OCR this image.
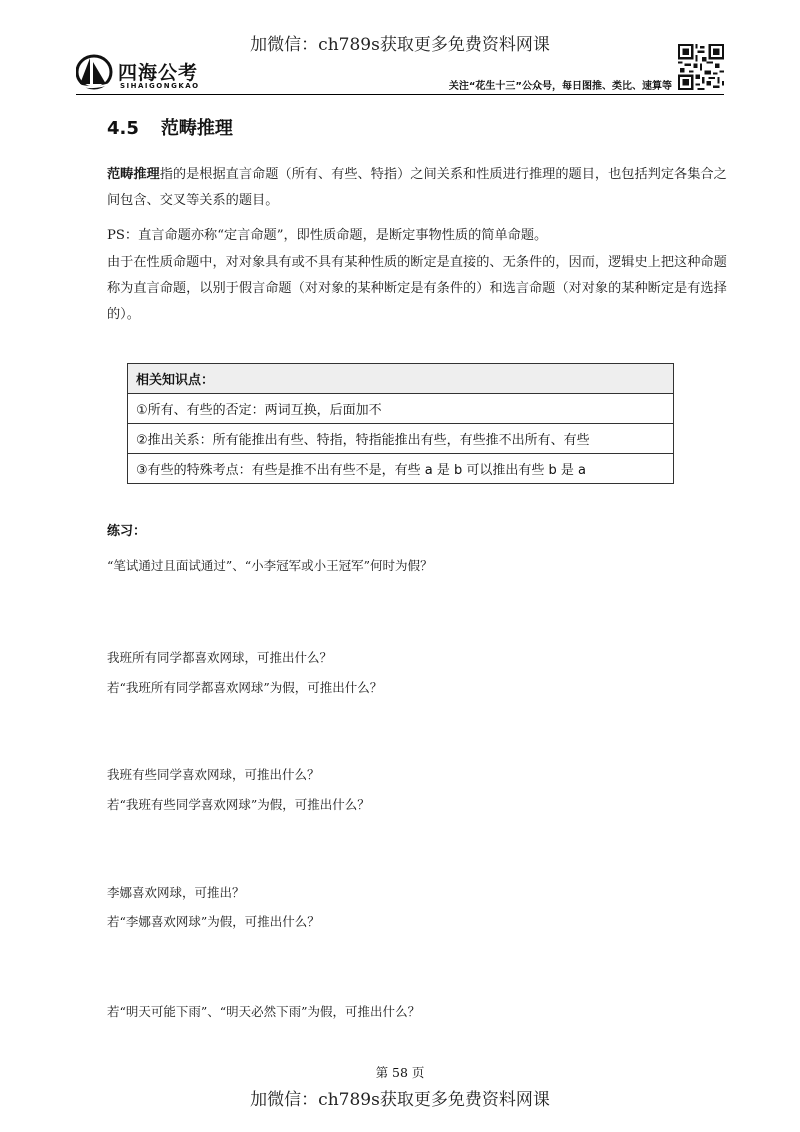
加微信：ch789s获取更多免费资料网课
四海公考
SIHAIGONGKAO	关注“花生十三”公众号，每日图推、类比、速算等
4.5 范畴推理
范畴推理指的是根据直言命题（所有、有些、特指）之间关系和性质进行推理的题目，也包括判定各集合之间包含、交叉等关系的题目。
PS：直言命题亦称“定言命题”，即性质命题，是断定事物性质的简单命题。
由于在性质命题中，对对象具有或不具有某种性质的断定是直接的、无条件的，因而，逻辑史上把这种命题称为直言命题，以别于假言命题（对对象的某种断定是有条件的）和选言命题（对对象的某种断定是有选择的）。
相关知识点：
①所有、有些的否定：两词互换，后面加不
②推出关系：所有能推出有些、特指，特指能推出有些，有些推不出所有、有些
③有些的特殊考点：有些是推不出有些不是，有些 a 是 b 可以推出有些 b 是 a
练习：
“笔试通过且面试通过”、“小李冠军或小王冠军”何时为假？
我班所有同学都喜欢网球，可推出什么？
若“我班所有同学都喜欢网球”为假，可推出什么？
我班有些同学喜欢网球，可推出什么？
若“我班有些同学喜欢网球”为假，可推出什么？
李娜喜欢网球，可推出？
若“李娜喜欢网球”为假，可推出什么？
若“明天可能下雨”、“明天必然下雨”为假，可推出什么？
第 58 页
加微信：ch789s获取更多免费资料网课
